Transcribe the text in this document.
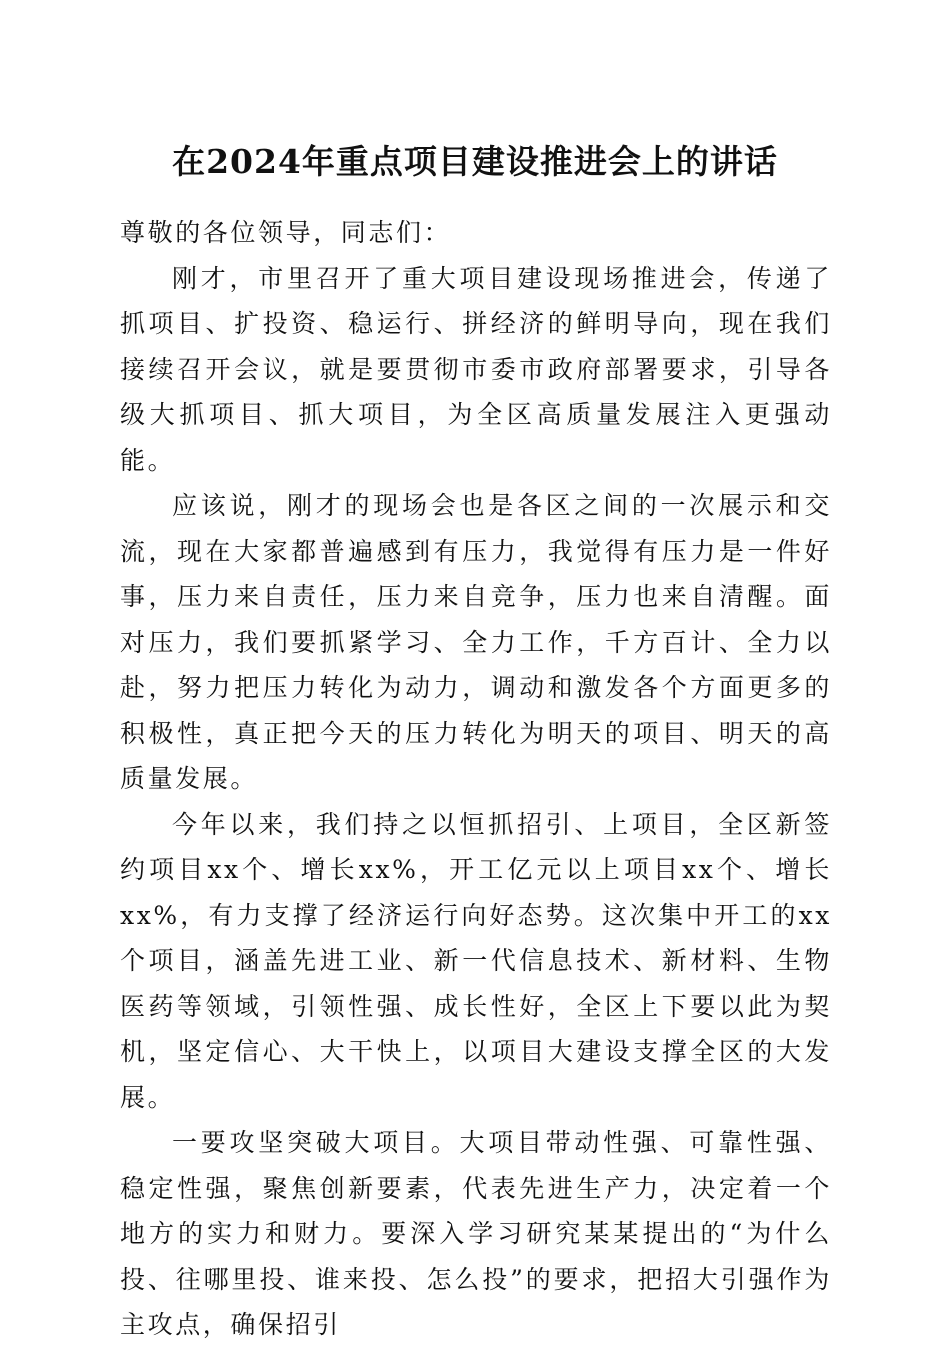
在2024年重点项目建设推进会上的讲话

尊敬的各位领导，同志们：

刚才，市里召开了重大项目建设现场推进会，传递了抓项目、扩投资、稳运行、拼经济的鲜明导向，现在我们接续召开会议，就是要贯彻市委市政府部署要求，引导各级大抓项目、抓大项目，为全区高质量发展注入更强动能。

应该说，刚才的现场会也是各区之间的一次展示和交流，现在大家都普遍感到有压力，我觉得有压力是一件好事，压力来自责任，压力来自竞争，压力也来自清醒。面对压力，我们要抓紧学习、全力工作，千方百计、全力以赴，努力把压力转化为动力，调动和激发各个方面更多的积极性，真正把今天的压力转化为明天的项目、明天的高质量发展。

今年以来，我们持之以恒抓招引、上项目，全区新签约项目xx个、增长xx%，开工亿元以上项目xx个、增长xx%，有力支撑了经济运行向好态势。这次集中开工的xx个项目，涵盖先进工业、新一代信息技术、新材料、生物医药等领域，引领性强、成长性好，全区上下要以此为契机，坚定信心、大干快上，以项目大建设支撑全区的大发展。

一要攻坚突破大项目。大项目带动性强、可靠性强、稳定性强，聚焦创新要素，代表先进生产力，决定着一个地方的实力和财力。要深入学习研究某某提出的“为什么投、往哪里投、谁来投、怎么投”的要求，把招大引强作为主攻点，确保招引
